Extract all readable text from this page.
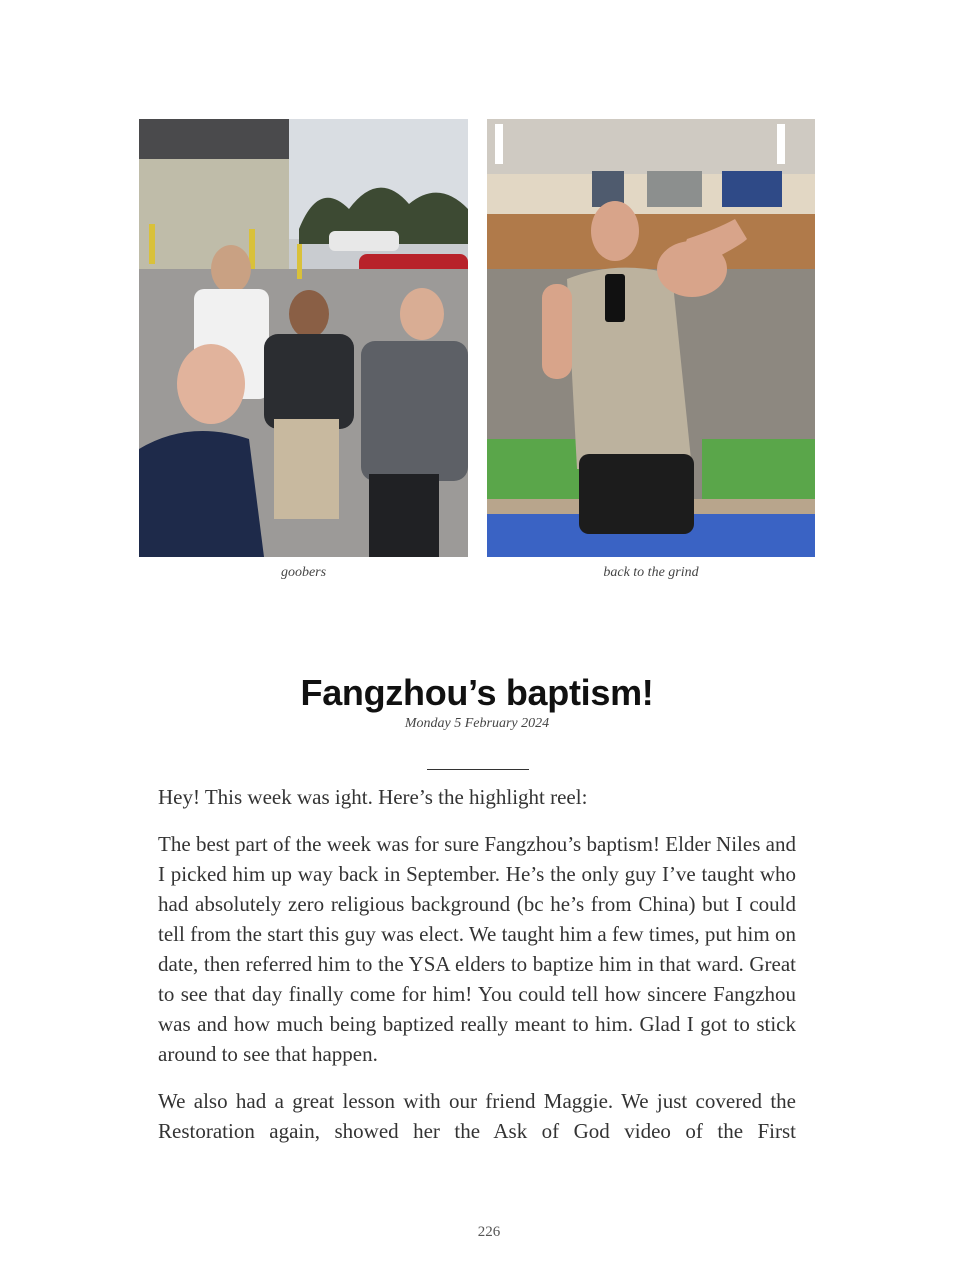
goobers	back to the grind
Fangzhou’s baptism!
Monday 5 February 2024

Hey! This week was ight. Here’s the highlight reel:

The best part of the week was for sure Fangzhou’s baptism! Elder Niles and I picked him up way back in September. He’s the only guy I’ve taught who had absolutely zero religious background (bc he’s from China) but I could tell from the start this guy was elect. We taught him a few times, put him on date, then referred him to the YSA elders to baptize him in that ward. Great to see that day finally come for him! You could tell how sincere Fangzhou was and how much being baptized really meant to him. Glad I got to stick around to see that happen.

We also had a great lesson with our friend Maggie. We just covered the Restoration again, showed her the Ask of God video of the First

226
